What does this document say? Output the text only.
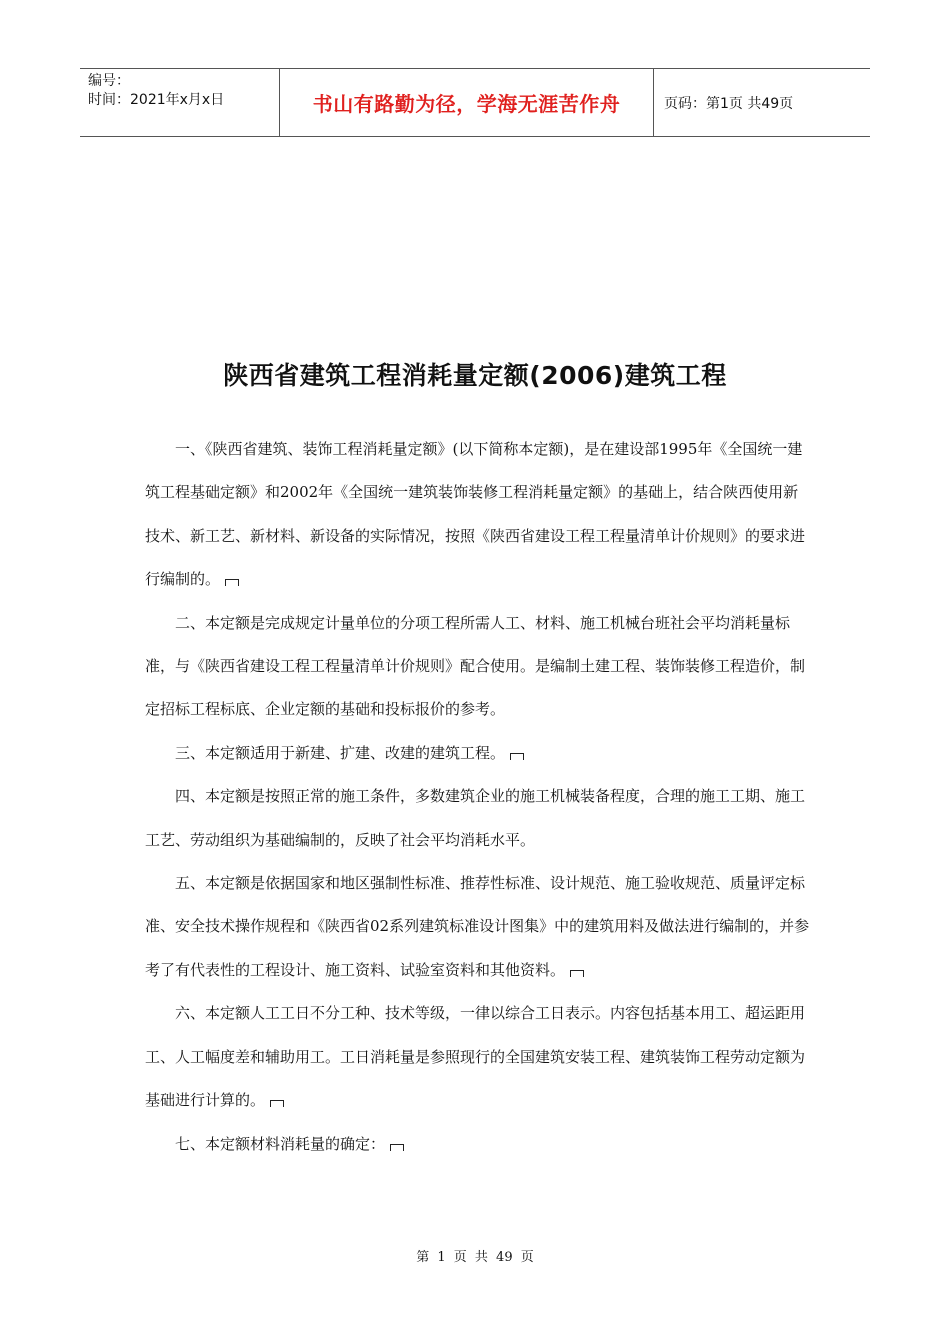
编号：
时间：2021年x月x日	书山有路勤为径，学海无涯苦作舟	页码：第1页 共49页
陕西省建筑工程消耗量定额(2006)建筑工程

一、《陕西省建筑、装饰工程消耗量定额》(以下简称本定额)，是在建设部1995年《全国统一建筑工程基础定额》和2002年《全国统一建筑装饰装修工程消耗量定额》的基础上，结合陕西使用新技术、新工艺、新材料、新设备的实际情况，按照《陕西省建设工程工程量清单计价规则》的要求进行编制的。

二、本定额是完成规定计量单位的分项工程所需人工、材料、施工机械台班社会平均消耗量标准，与《陕西省建设工程工程量清单计价规则》配合使用。是编制土建工程、装饰装修工程造价，制定招标工程标底、企业定额的基础和投标报价的参考。

三、本定额适用于新建、扩建、改建的建筑工程。

四、本定额是按照正常的施工条件，多数建筑企业的施工机械装备程度，合理的施工工期、施工工艺、劳动组织为基础编制的，反映了社会平均消耗水平。

五、本定额是依据国家和地区强制性标准、推荐性标准、设计规范、施工验收规范、质量评定标准、安全技术操作规程和《陕西省02系列建筑标准设计图集》中的建筑用料及做法进行编制的，并参考了有代表性的工程设计、施工资料、试验室资料和其他资料。

六、本定额人工工日不分工种、技术等级，一律以综合工日表示。内容包括基本用工、超运距用工、人工幅度差和辅助用工。工日消耗量是参照现行的全国建筑安装工程、建筑装饰工程劳动定额为基础进行计算的。

七、本定额材料消耗量的确定：

第 1 页 共 49 页
